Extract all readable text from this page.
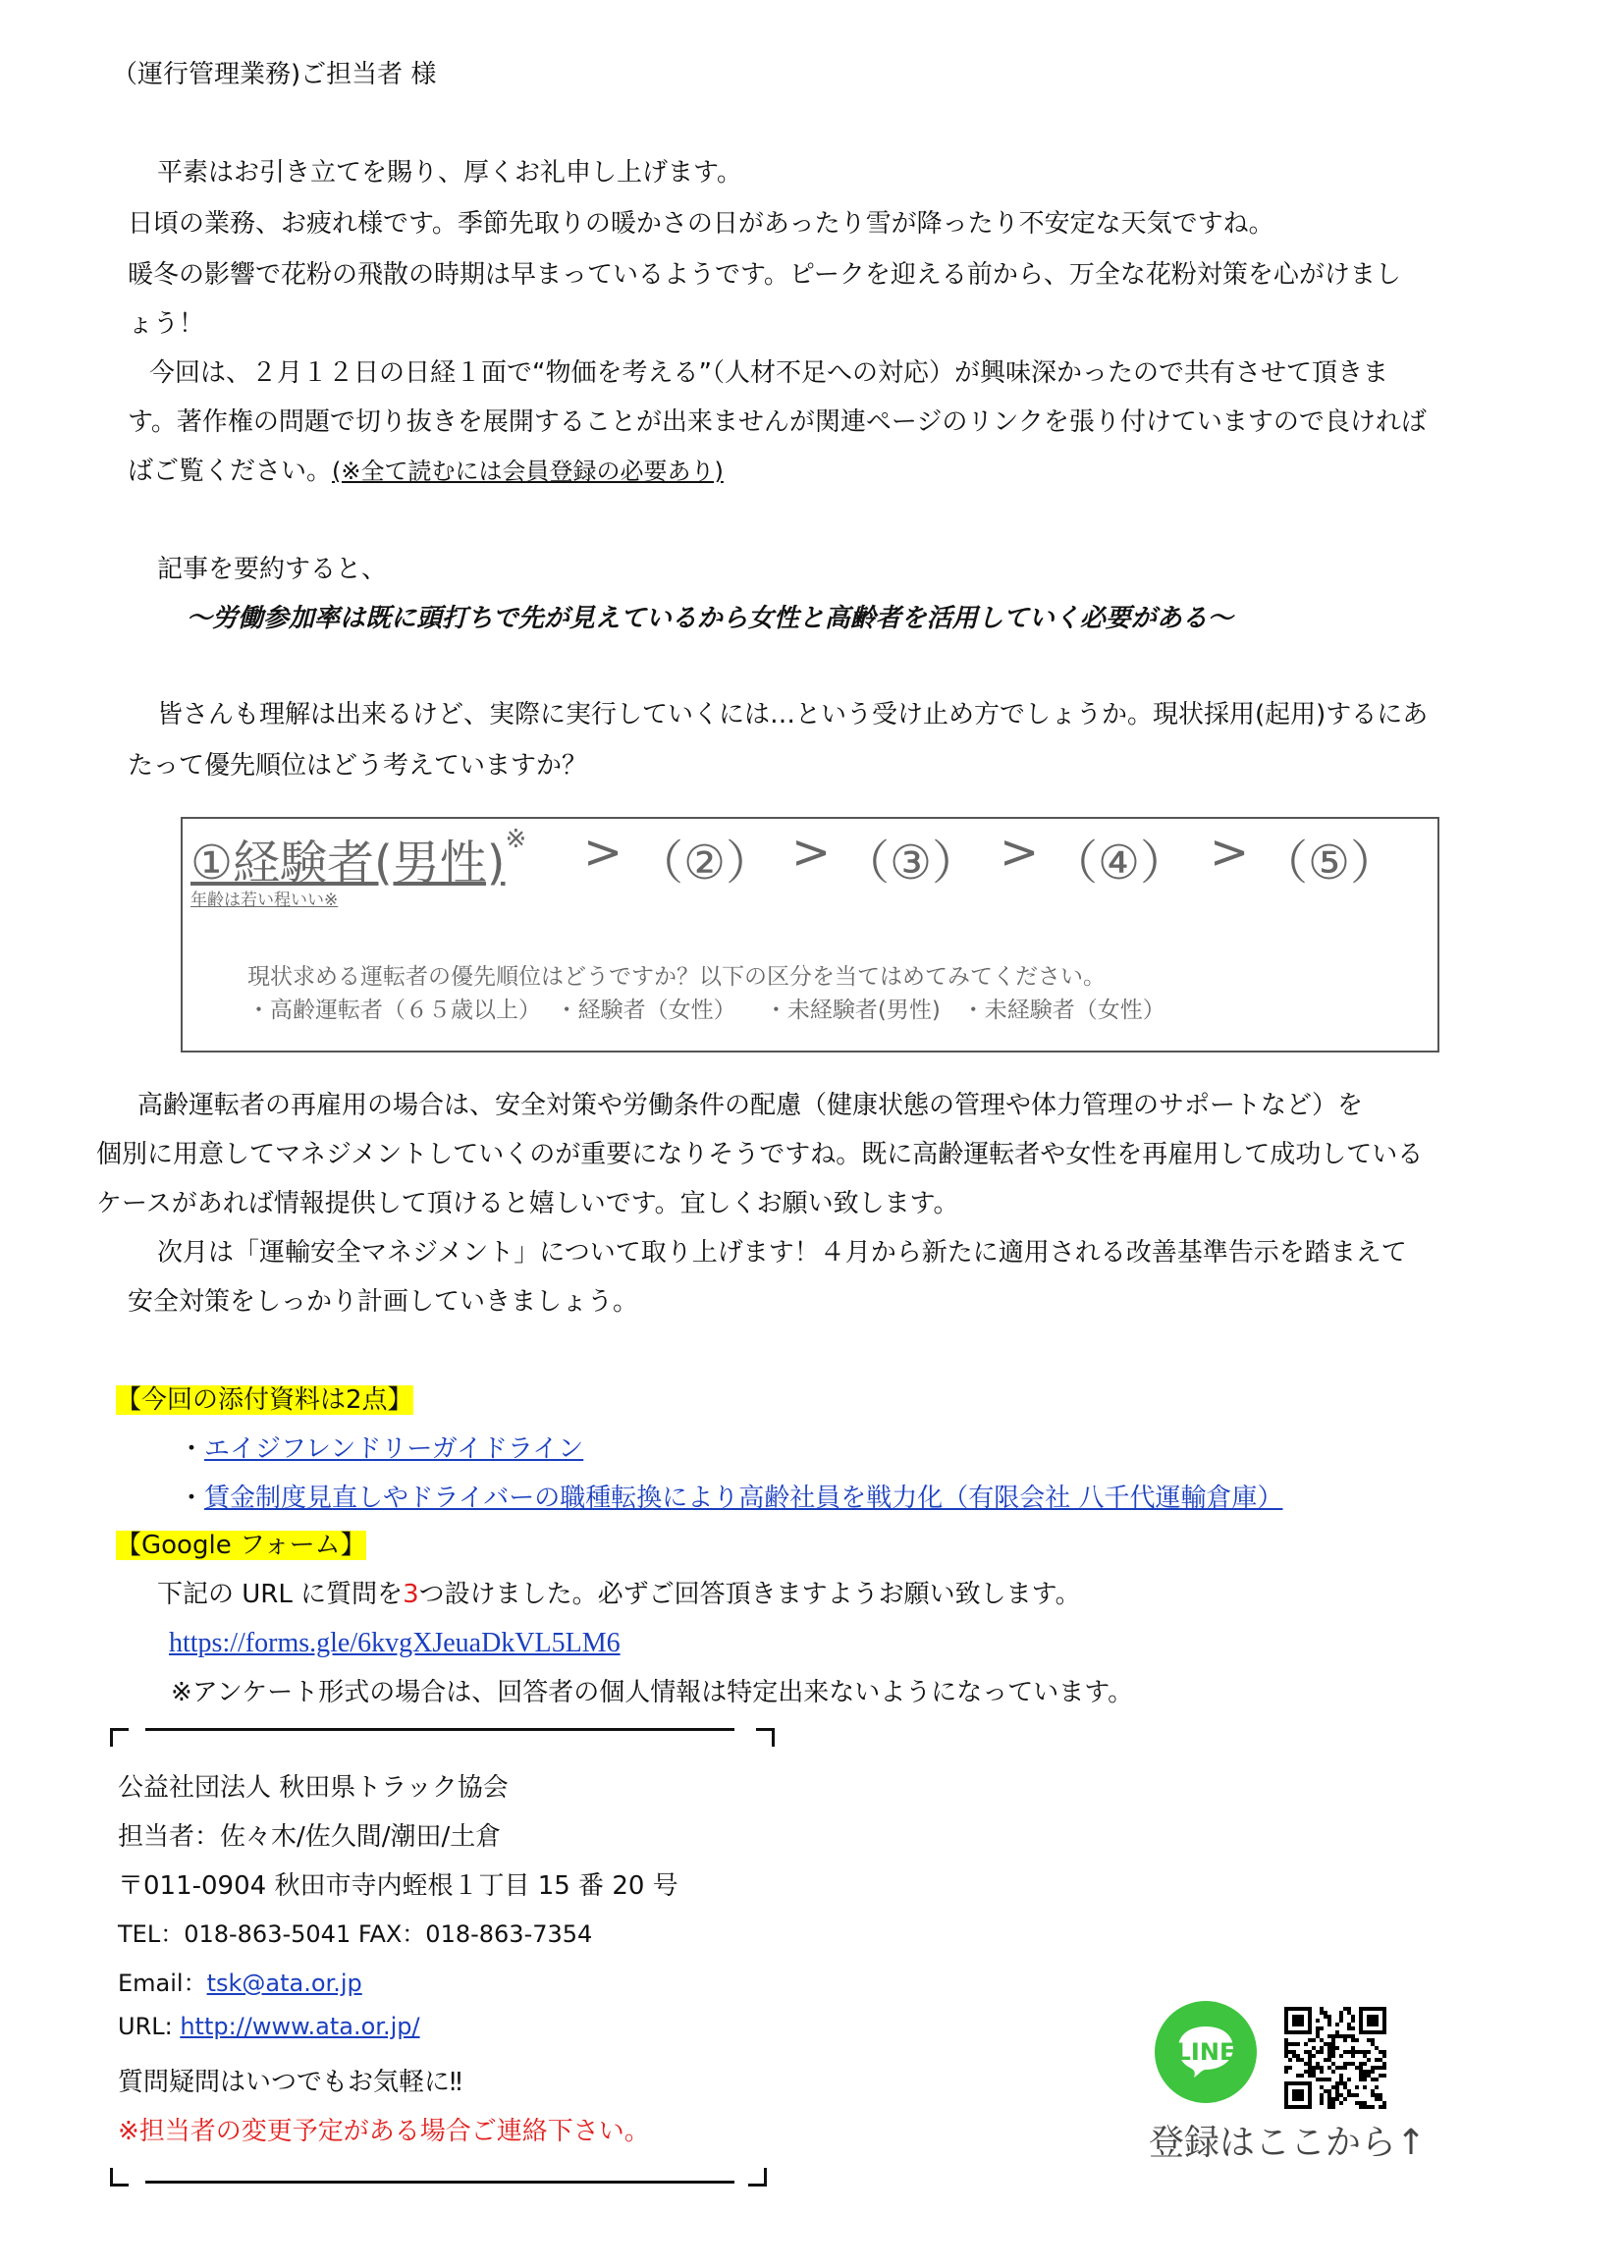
（運行管理業務)ご担当者 様
平素はお引き立てを賜り、厚くお礼申し上げます。
日頃の業務、お疲れ様です。季節先取りの暖かさの日があったり雪が降ったり不安定な天気ですね。
暖冬の影響で花粉の飛散の時期は早まっているようです。ピークを迎える前から、万全な花粉対策を心がけまし
ょう！
今回は、２月１２日の日経１面で“物価を考える”（人材不足への対応）が興味深かったので共有させて頂きま
す。著作権の問題で切り抜きを展開することが出来ませんが関連ページのリンクを張り付けていますので良ければ
ばご覧ください。(※全て読むには会員登録の必要あり)
記事を要約すると、
～労働参加率は既に頭打ちで先が見えているから女性と高齢者を活用していく必要がある～
皆さんも理解は出来るけど、実際に実行していくには…という受け止め方でしょうか。現状採用(起用)するにあ
たって優先順位はどう考えていますか？
①経験者(男性)※ > （②） > （③） > （④） > （⑤）
年齢は若い程いい※
現状求める運転者の優先順位はどうですか？以下の区分を当てはめてみてください。
・高齢運転者（６５歳以上）  ・経験者（女性）    ・未経験者(男性)   ・未経験者（女性）
高齢運転者の再雇用の場合は、安全対策や労働条件の配慮（健康状態の管理や体力管理のサポートなど）を
個別に用意してマネジメントしていくのが重要になりそうですね。既に高齢運転者や女性を再雇用して成功している
ケースがあれば情報提供して頂けると嬉しいです。宜しくお願い致します。
次月は「運輸安全マネジメント」について取り上げます！４月から新たに適用される改善基準告示を踏まえて
安全対策をしっかり計画していきましょう。
【今回の添付資料は2点】
・エイジフレンドリーガイドライン
・賃金制度見直しやドライバーの職種転換により高齢社員を戦力化（有限会社 八千代運輸倉庫）
【Google フォーム】
下記の URL に質問を3つ設けました。必ずご回答頂きますようお願い致します。
https://forms.gle/6kvgXJeuaDkVL5LM6
※アンケート形式の場合は、回答者の個人情報は特定出来ないようになっています。
公益社団法人 秋田県トラック協会
担当者：佐々木/佐久間/潮田/土倉
〒011-0904 秋田市寺内蛭根１丁目 15 番 20 号
TEL：018-863-5041 FAX：018-863-7354
Email：tsk@ata.or.jp
URL: http://www.ata.or.jp/
質問疑問はいつでもお気軽に‼
※担当者の変更予定がある場合ご連絡下さい。
LINE
登録はここから↑
